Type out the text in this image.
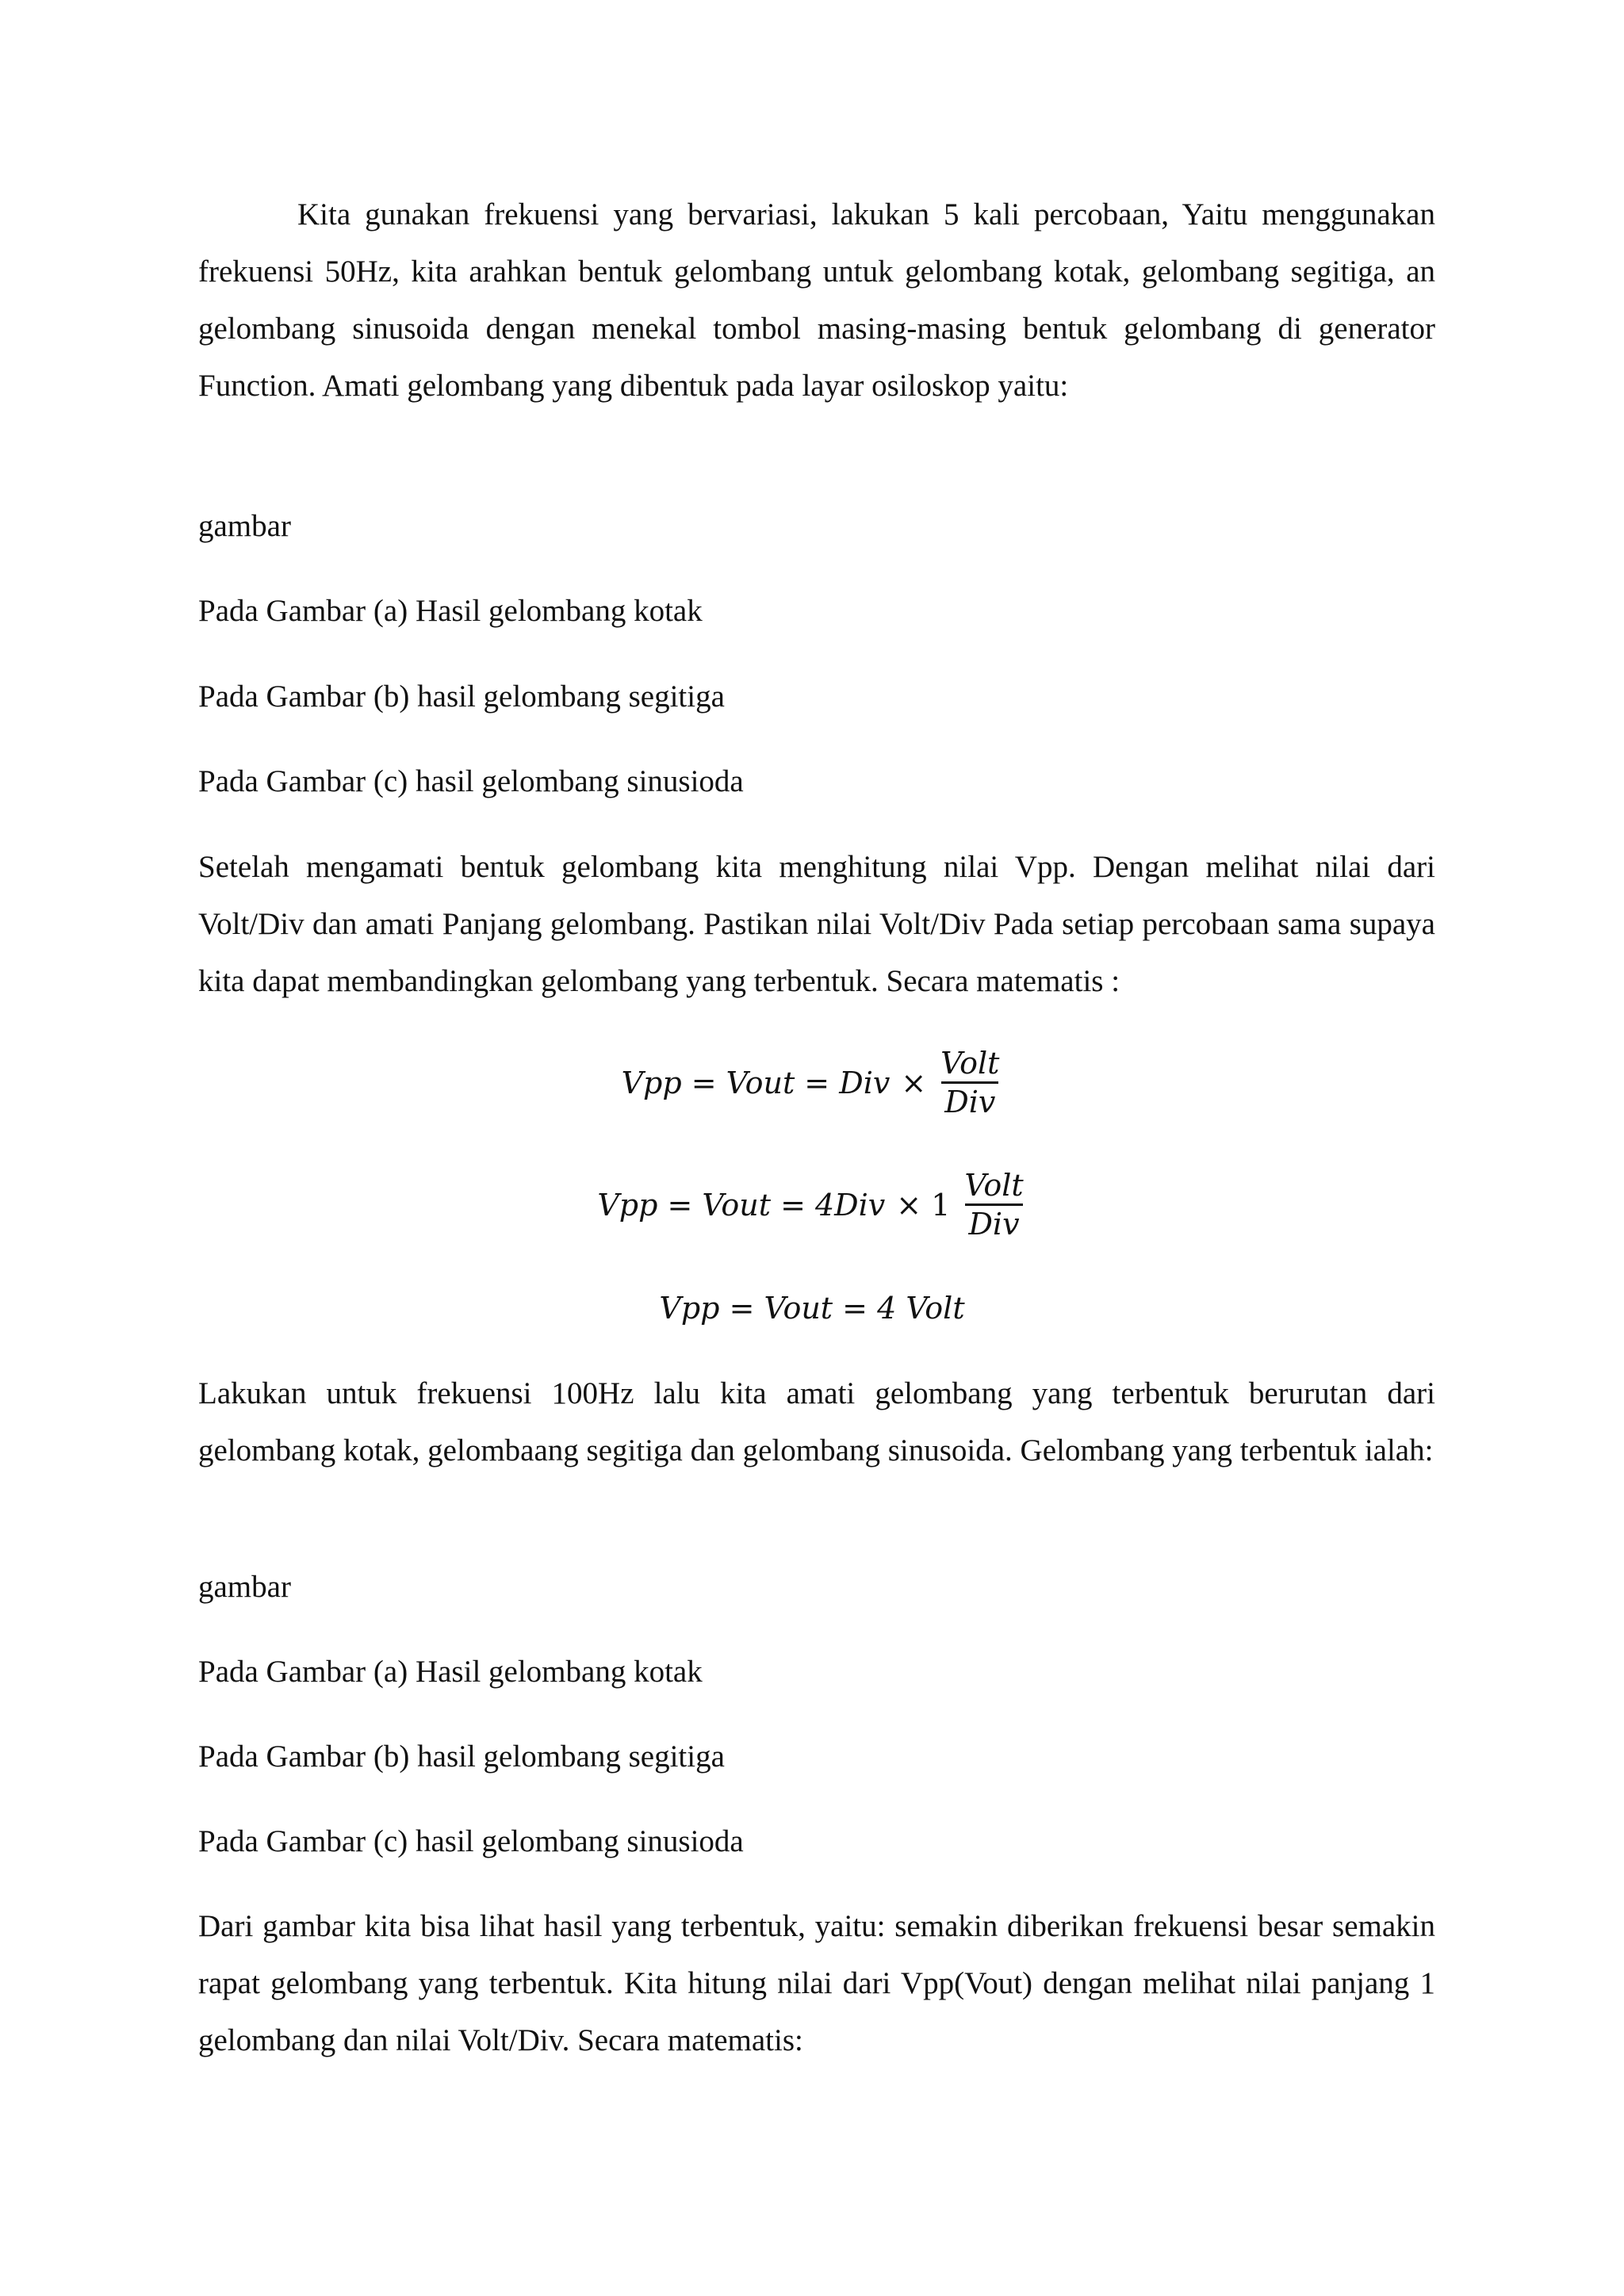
Kita gunakan frekuensi yang bervariasi, lakukan 5 kali percobaan, Yaitu menggunakan frekuensi 50Hz, kita arahkan bentuk gelombang untuk gelombang kotak, gelombang segitiga, an gelombang sinusoida dengan menekal tombol masing-masing bentuk gelombang di generator Function. Amati gelombang yang dibentuk pada layar osiloskop yaitu:

gambar

Pada Gambar (a) Hasil gelombang kotak

Pada Gambar (b) hasil gelombang segitiga

Pada Gambar (c) hasil gelombang sinusioda

Setelah mengamati bentuk gelombang kita menghitung nilai Vpp. Dengan melihat nilai dari Volt/Div dan amati Panjang gelombang. Pastikan nilai Volt/Div Pada setiap percobaan sama supaya kita dapat membandingkan gelombang yang terbentuk. Secara matematis :

Vpp = Vout = Div × $\frac{\text{Volt}}{\text{Div}}$
Vpp = Vout = $4Div \times 1 \frac{\text{Volt}}{\text{Div}}$
Vpp = Vout = 4 Volt

Lakukan untuk frekuensi 100Hz lalu kita amati gelombang yang terbentuk berurutan dari gelombang kotak, gelombaang segitiga dan gelombang sinusoida. Gelombang yang terbentuk ialah:

gambar

Pada Gambar (a) Hasil gelombang kotak

Pada Gambar (b) hasil gelombang segitiga

Pada Gambar (c) hasil gelombang sinusioda

Dari gambar kita bisa lihat hasil yang terbentuk, yaitu: semakin diberikan frekuensi besar semakin rapat gelombang yang terbentuk. Kita hitung nilai dari Vpp(Vout) dengan melihat nilai panjang 1 gelombang dan nilai Volt/Div. Secara matematis:
